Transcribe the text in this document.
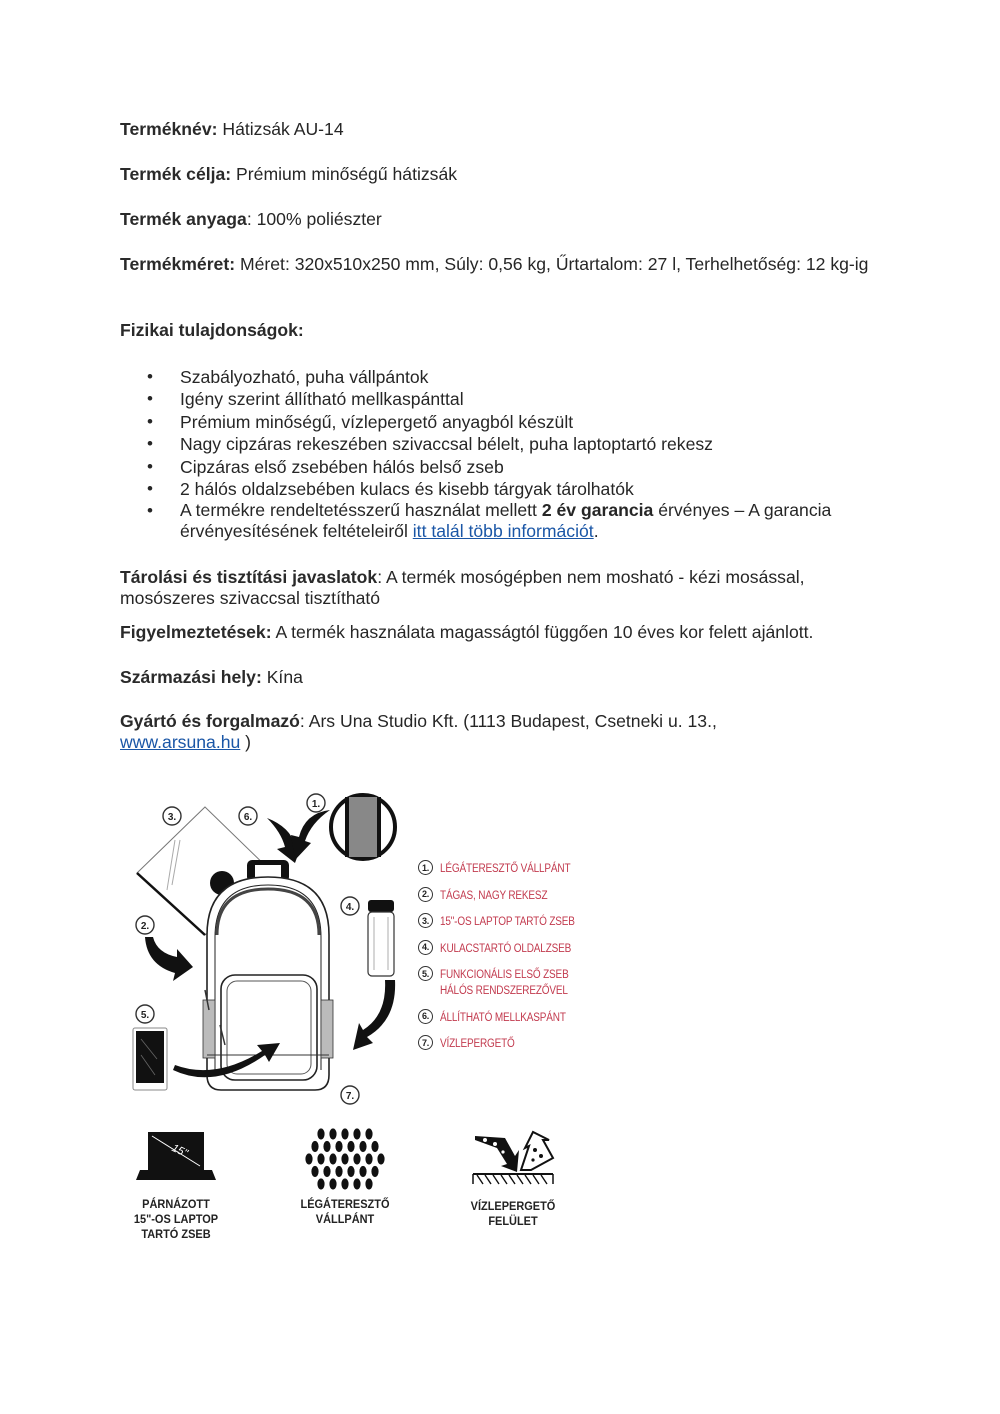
Terméknév: Hátizsák AU-14
Termék célja: Prémium minőségű hátizsák
Termék anyaga: 100% poliészter
Termékméret: Méret: 320x510x250 mm, Súly: 0,56 kg, Űrtartalom: 27 l, Terhelhetőség: 12 kg-ig
Fizikai tulajdonságok:
• Szabályozható, puha vállpántok
• Igény szerint állítható mellkaspánttal
• Prémium minőségű, vízlepergető anyagból készült
• Nagy cipzáras rekeszében szivaccsal bélelt, puha laptoptartó rekesz
• Cipzáras első zsebében hálós belső zseb
• 2 hálós oldalzsebében kulacs és kisebb tárgyak tárolhatók
• A termékre rendeltetésszerű használat mellett 2 év garancia érvényes – A garancia érvényesítésének feltételeiről itt talál több információt.
Tárolási és tisztítási javaslatok: A termék mosógépben nem mosható - kézi mosással, mosószeres szivaccsal tisztítható
Figyelmeztetések: A termék használata magasságtól függően 10 éves kor felett ajánlott.
Származási hely: Kína
Gyártó és forgalmazó: Ars Una Studio Kft. (1113 Budapest, Csetneki u. 13., www.arsuna.hu )
3.	6.
1.
4.
2.
5.
7.
1. LÉGÁTERESZTŐ VÁLLPÁNT
2. TÁGAS, NAGY REKESZ
3. 15"-OS LAPTOP TARTÓ ZSEB
4. KULACSTARTÓ OLDALZSEB
5. FUNKCIONÁLIS ELSŐ ZSEB
HÁLÓS RENDSZEREZŐVEL
6. ÁLLÍTHATÓ MELLKASPÁNT
7. VÍZLEPERGETŐ
15"
PÁRNÁZOTT
15"-OS LAPTOP
TARTÓ ZSEB
LÉGÁTERESZTŐ
VÁLLPÁNT
VÍZLEPERGETŐ
FELÜLET
